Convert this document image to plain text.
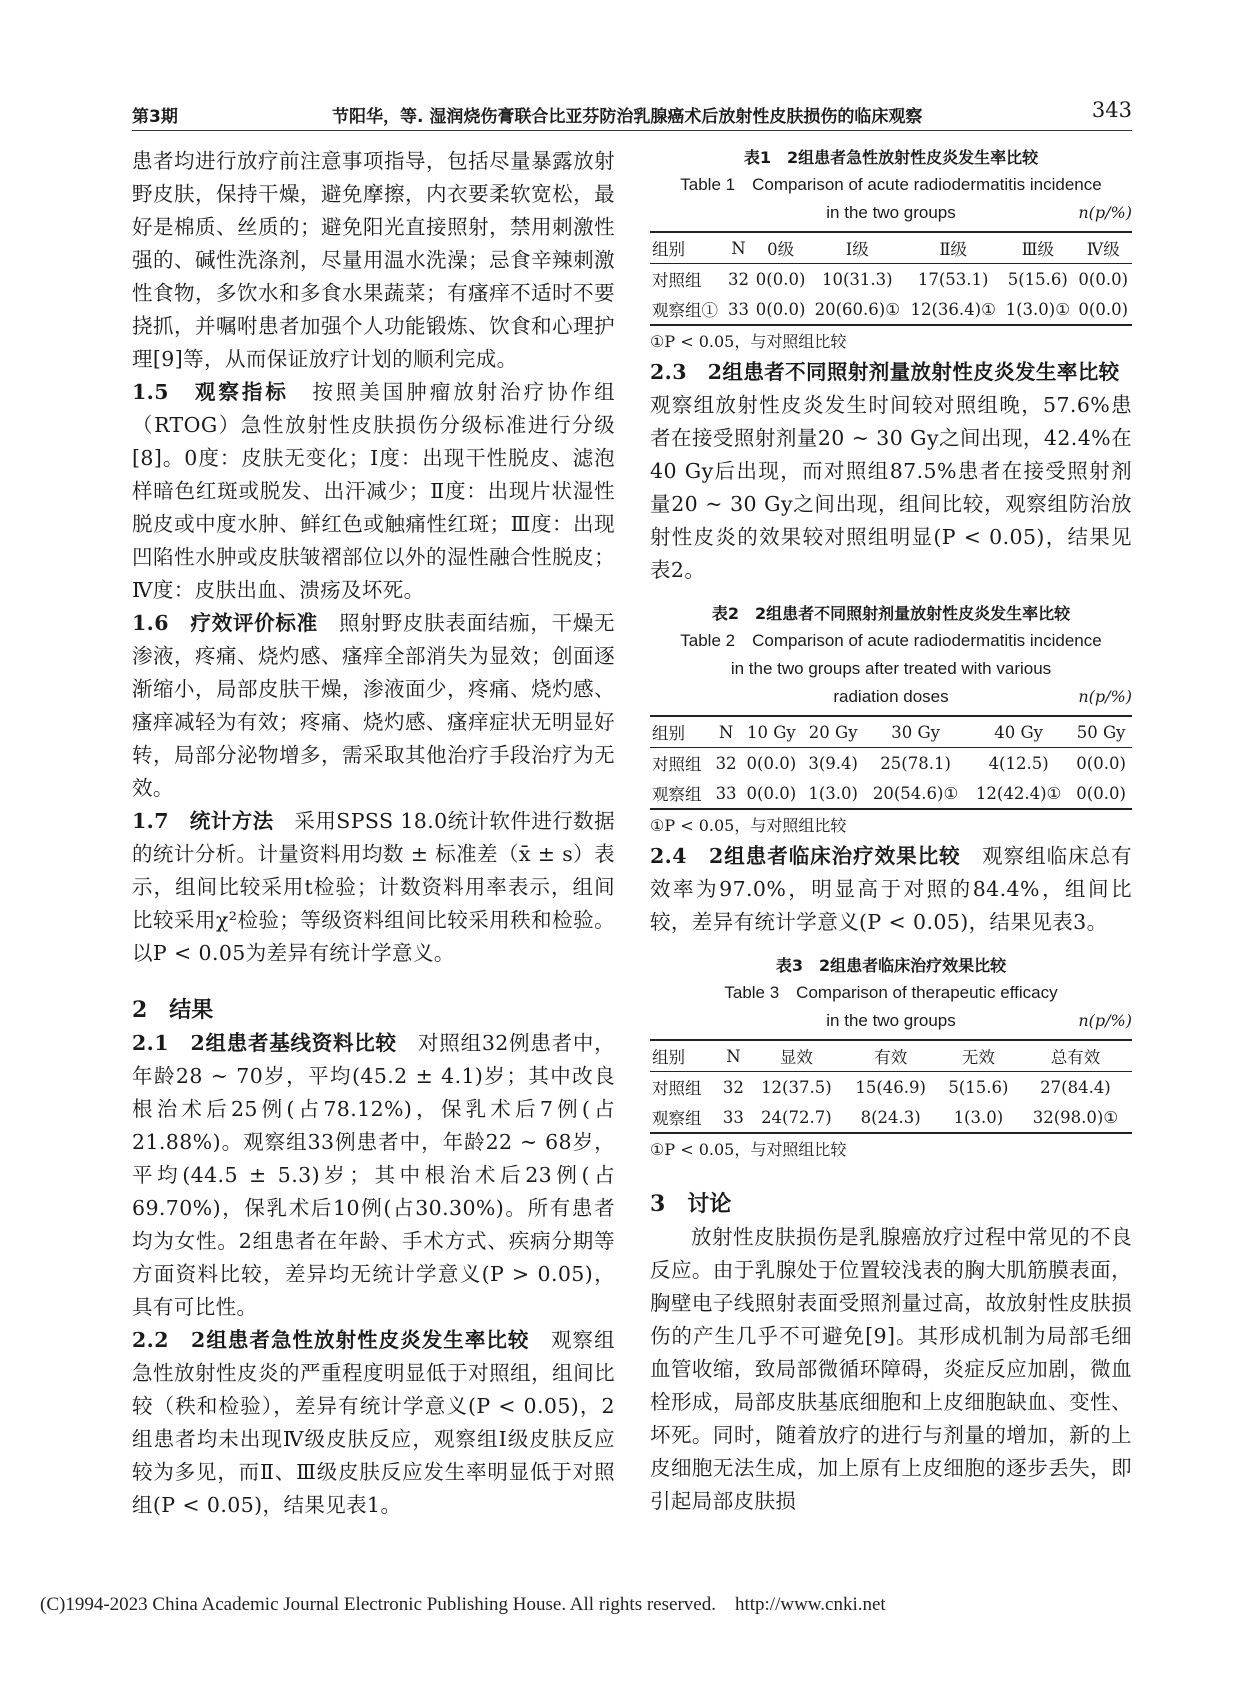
第3期	节阳华，等. 湿润烧伤膏联合比亚芬防治乳腺癌术后放射性皮肤损伤的临床观察	343

患者均进行放疗前注意事项指导，包括尽量暴露放射野皮肤，保持干燥，避免摩擦，内衣要柔软宽松，最好是棉质、丝质的；避免阳光直接照射，禁用刺激性强的、碱性洗涤剂，尽量用温水洗澡；忌食辛辣刺激性食物，多饮水和多食水果蔬菜；有瘙痒不适时不要挠抓，并嘱咐患者加强个人功能锻炼、饮食和心理护理[9]等，从而保证放疗计划的顺利完成。

1.5　观察指标　按照美国肿瘤放射治疗协作组（RTOG）急性放射性皮肤损伤分级标准进行分级[8]。0度：皮肤无变化；Ⅰ度：出现干性脱皮、滤泡样暗色红斑或脱发、出汗减少；Ⅱ度：出现片状湿性脱皮或中度水肿、鲜红色或触痛性红斑；Ⅲ度：出现凹陷性水肿或皮肤皱褶部位以外的湿性融合性脱皮；Ⅳ度：皮肤出血、溃疡及坏死。

1.6　疗效评价标准　照射野皮肤表面结痂，干燥无渗液，疼痛、烧灼感、瘙痒全部消失为显效；创面逐渐缩小，局部皮肤干燥，渗液面少，疼痛、烧灼感、瘙痒减轻为有效；疼痛、烧灼感、瘙痒症状无明显好转，局部分泌物增多，需采取其他治疗手段治疗为无效。

1.7　统计方法　采用SPSS 18.0统计软件进行数据的统计分析。计量资料用均数 ± 标准差（x̄ ± s）表示，组间比较采用t检验；计数资料用率表示，组间比较采用χ²检验；等级资料组间比较采用秩和检验。以P < 0.05为差异有统计学意义。

2　结果

2.1　2组患者基线资料比较　对照组32例患者中，年龄28 ~ 70岁，平均(45.2 ± 4.1)岁；其中改良根治术后25例(占78.12%)，保乳术后7例(占21.88%)。观察组33例患者中，年龄22 ~ 68岁，平均(44.5 ± 5.3)岁；其中根治术后23例(占69.70%)，保乳术后10例(占30.30%)。所有患者均为女性。2组患者在年龄、手术方式、疾病分期等方面资料比较，差异均无统计学意义(P > 0.05)，具有可比性。

2.2　2组患者急性放射性皮炎发生率比较　观察组急性放射性皮炎的严重程度明显低于对照组，组间比较（秩和检验），差异有统计学意义(P < 0.05)，2组患者均未出现Ⅳ级皮肤反应，观察组Ⅰ级皮肤反应较为多见，而Ⅱ、Ⅲ级皮肤反应发生率明显低于对照组(P < 0.05)，结果见表1。

表1　2组患者急性放射性皮炎发生率比较

Table 1　Comparison of acute radiodermatitis incidence

in the two groups	n(p/%)

组别	N	0级	Ⅰ级	Ⅱ级	Ⅲ级	Ⅳ级
对照组	32	0(0.0)	10(31.3)	17(53.1)	5(15.6)	0(0.0)
观察组①	33	0(0.0)	20(60.6)①	12(36.4)①	1(3.0)①	0(0.0)

①P < 0.05，与对照组比较

2.3　2组患者不同照射剂量放射性皮炎发生率比较　观察组放射性皮炎发生时间较对照组晚，57.6%患者在接受照射剂量20 ~ 30 Gy之间出现，42.4%在40 Gy后出现，而对照组87.5%患者在接受照射剂量20 ~ 30 Gy之间出现，组间比较，观察组防治放射性皮炎的效果较对照组明显(P < 0.05)，结果见表2。

表2　2组患者不同照射剂量放射性皮炎发生率比较

Table 2　Comparison of acute radiodermatitis incidence

in the two groups after treated with various

radiation doses	n(p/%)

组别	N	10 Gy	20 Gy	30 Gy	40 Gy	50 Gy
对照组	32	0(0.0)	3(9.4)	25(78.1)	4(12.5)	0(0.0)
观察组	33	0(0.0)	1(3.0)	20(54.6)①	12(42.4)①	0(0.0)

①P < 0.05，与对照组比较

2.4　2组患者临床治疗效果比较　观察组临床总有效率为97.0%，明显高于对照的84.4%，组间比较，差异有统计学意义(P < 0.05)，结果见表3。

表3　2组患者临床治疗效果比较

Table 3　Comparison of therapeutic efficacy

in the two groups	n(p/%)

组别	N	显效	有效	无效	总有效
对照组	32	12(37.5)	15(46.9)	5(15.6)	27(84.4)
观察组	33	24(72.7)	8(24.3)	1(3.0)	32(98.0)①

①P < 0.05，与对照组比较

3　讨论

放射性皮肤损伤是乳腺癌放疗过程中常见的不良反应。由于乳腺处于位置较浅表的胸大肌筋膜表面，胸壁电子线照射表面受照剂量过高，故放射性皮肤损伤的产生几乎不可避免[9]。其形成机制为局部毛细血管收缩，致局部微循环障碍，炎症反应加剧，微血栓形成，局部皮肤基底细胞和上皮细胞缺血、变性、坏死。同时，随着放疗的进行与剂量的增加，新的上皮细胞无法生成，加上原有上皮细胞的逐步丢失，即引起局部皮肤损

(C)1994-2023 China Academic Journal Electronic Publishing House. All rights reserved.　http://www.cnki.net
